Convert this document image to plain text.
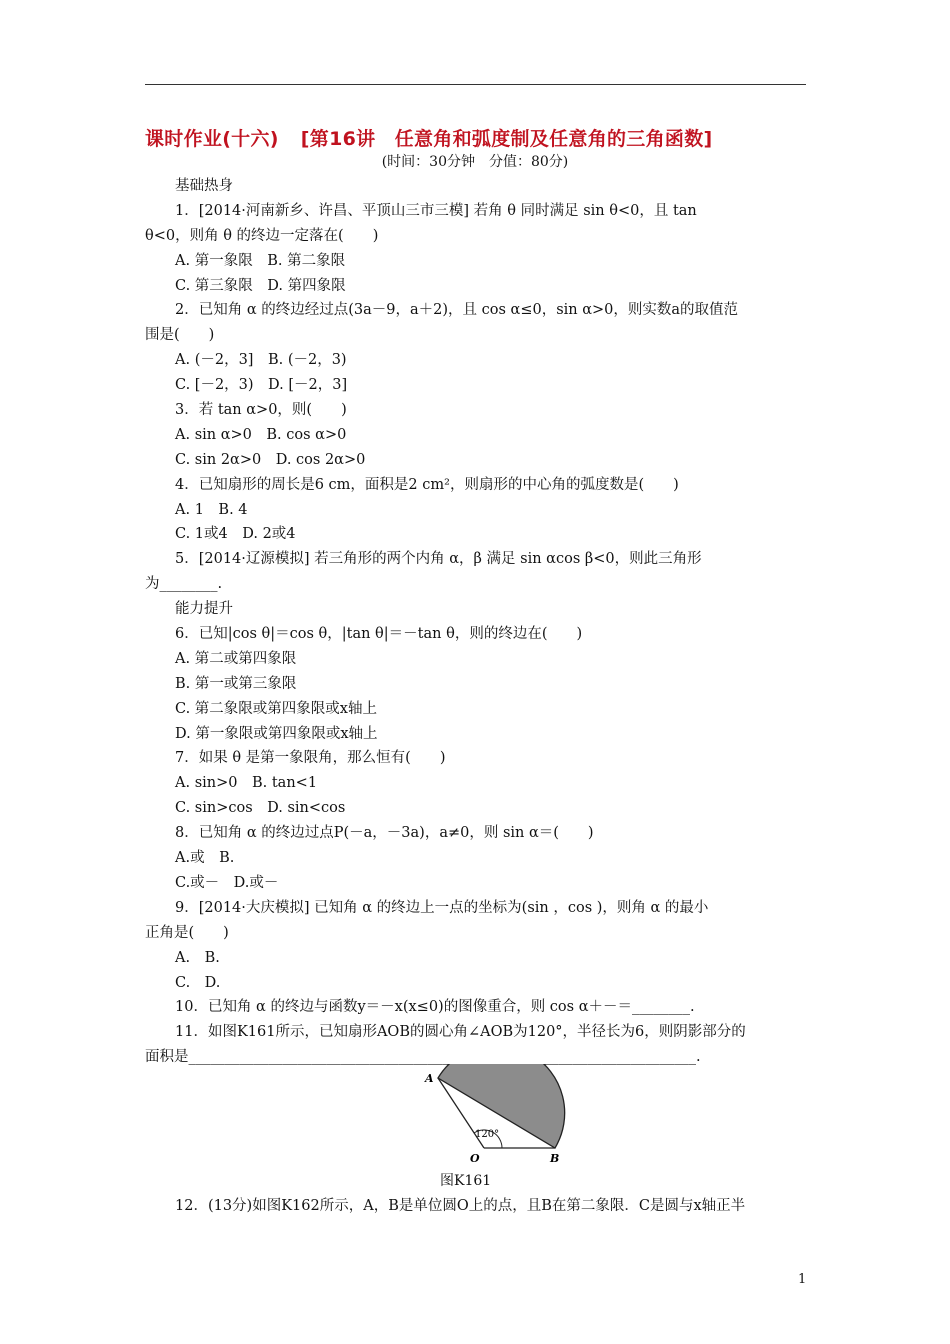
课时作业(十六) [第16讲　任意角和弧度制及任意角的三角函数]
(时间：30分钟　分值：80分)
基础热身
1．[2014·河南新乡、许昌、平顶山三市三模] 若角 θ 同时满足 sin θ<0，且 tan
θ<0，则角 θ 的终边一定落在(　　)
A. 第一象限　B. 第二象限
C. 第三象限　D. 第四象限
2．已知角 α 的终边经过点(3a－9，a＋2)，且 cos α≤0，sin α>0，则实数a的取值范
围是(　　)
A. (－2，3]　B. (－2，3)
C. [－2，3)　D. [－2，3]
3．若 tan α>0，则(　　)
A. sin α>0　B. cos α>0
C. sin 2α>0　D. cos 2α>0
4．已知扇形的周长是6 cm，面积是2 cm²，则扇形的中心角的弧度数是(　　)
A. 1　B. 4
C. 1或4　D. 2或4
5．[2014·辽源模拟] 若三角形的两个内角 α，β 满足 sin αcos β<0，则此三角形
为________.
能力提升
6．已知|cos θ|＝cos θ，|tan θ|＝－tan θ，则的终边在(　　)
A. 第二或第四象限
B. 第一或第三象限
C. 第二象限或第四象限或x轴上
D. 第一象限或第四象限或x轴上
7．如果 θ 是第一象限角，那么恒有(　　)
A. sin>0　B. tan<1
C. sin>cos　D. sin<cos
8．已知角 α 的终边过点P(－a，－3a)，a≠0，则 sin α＝(　　)
A.或　B.
C.或－　D.或－
9．[2014·大庆模拟] 已知角 α 的终边上一点的坐标为(sin ，cos )，则角 α 的最小
正角是(　　)
A.　B.
C.　D.
10．已知角 α 的终边与函数y＝－x(x≤0)的图像重合，则 cos α＋－＝________.
11．如图K161所示，已知扇形AOB的圆心角∠AOB为120°，半径长为6，则阴影部分的
面积是______________________________________________________________________.
A
O	B
120°
图K161
12．(13分)如图K162所示，A，B是单位圆O上的点，且B在第二象限．C是圆与x轴正半
1
